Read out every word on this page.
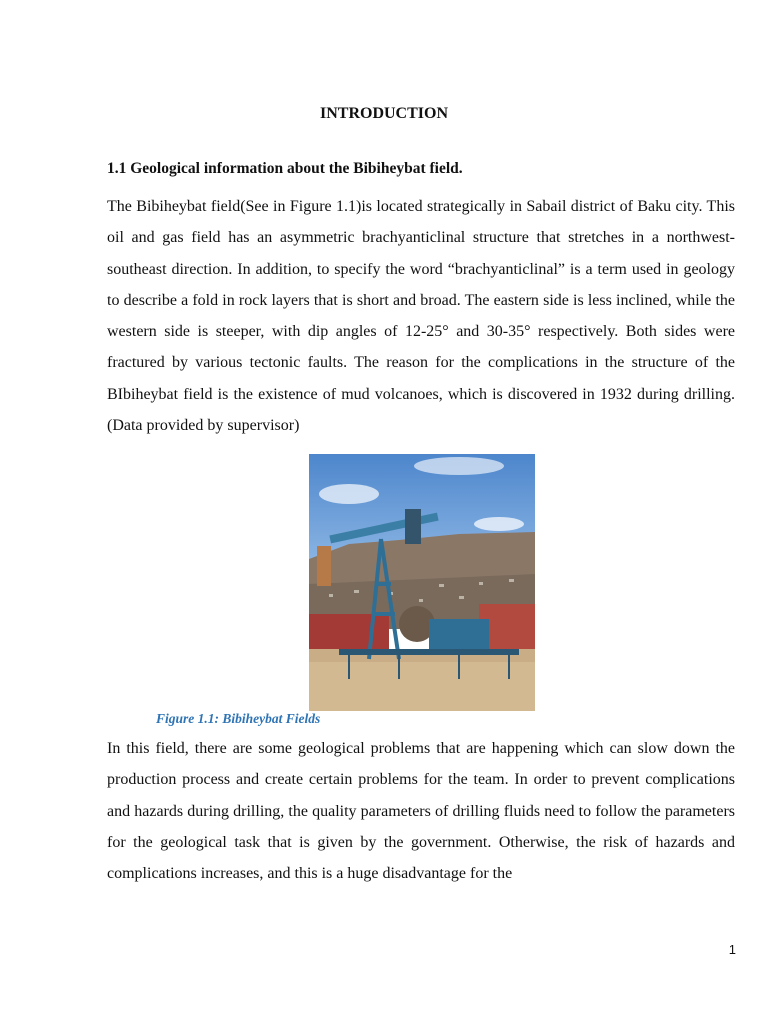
INTRODUCTION
1.1 Geological information about the Bibiheybat field.

The Bibiheybat field(See in Figure 1.1)is located strategically in Sabail district of Baku city. This oil and gas field has an asymmetric brachyanticlinal structure that stretches in a northwest-southeast direction. In addition, to specify the word “brachyanticlinal” is a term used in geology to describe a fold in rock layers that is short and broad. The eastern side is less inclined, while the western side is steeper, with dip angles of 12-25° and 30-35° respectively. Both sides were fractured by various tectonic faults. The reason for the complications in the structure of the BIbiheybat field is the existence of mud volcanoes, which is discovered in 1932 during drilling.(Data provided by supervisor)

Figure 1.1: Bibiheybat Fields

In this field, there are some geological problems that are happening which can slow down the production process and create certain problems for the team. In order to prevent complications and hazards during drilling, the quality parameters of drilling fluids need to follow the parameters for the geological task that is given by the government. Otherwise, the risk of hazards and complications increases, and this is a huge disadvantage for the

1
